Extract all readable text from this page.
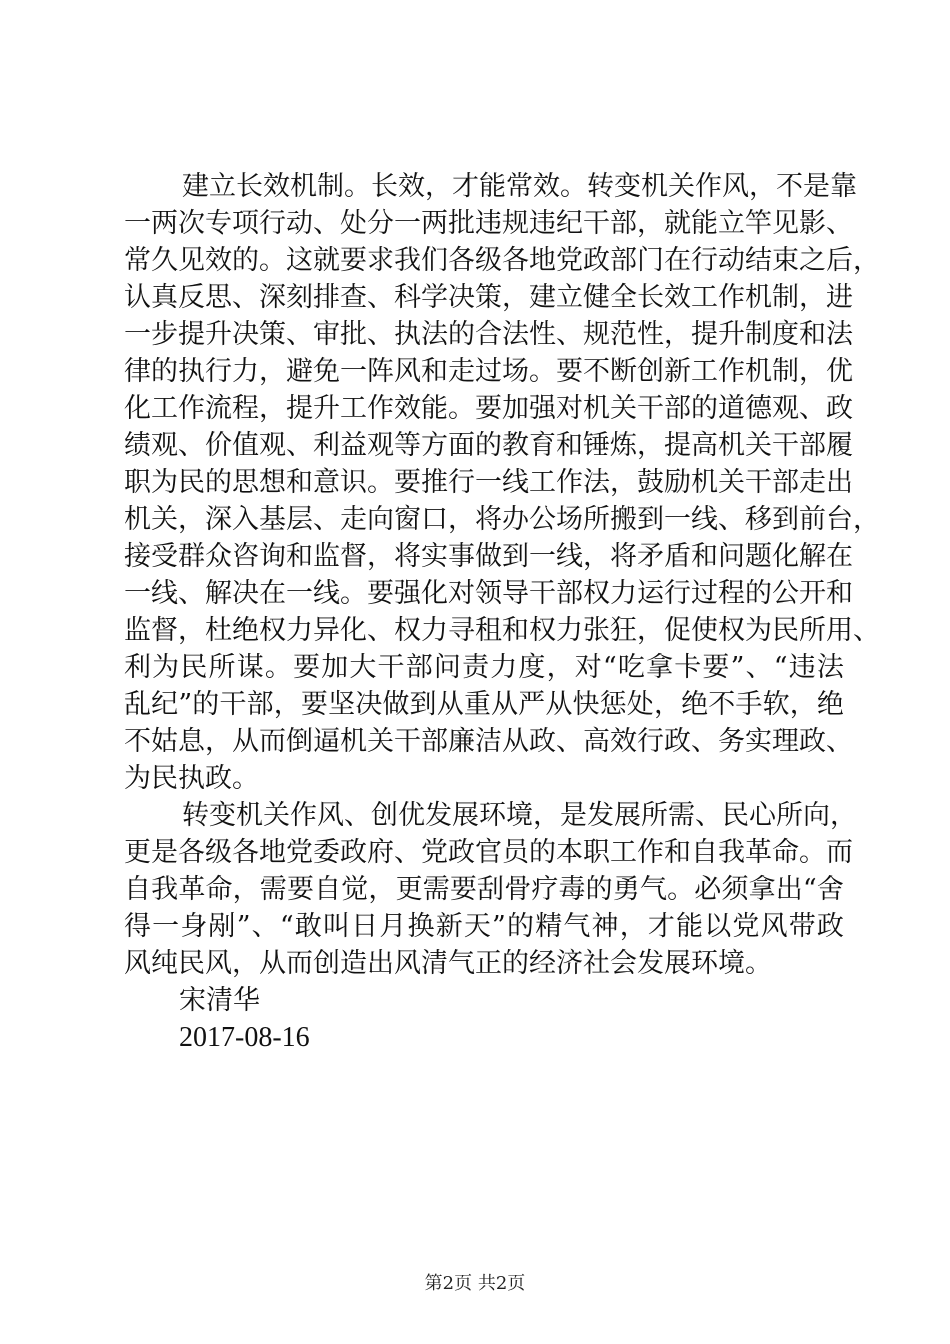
建 立 长 效 机 制 。 长 效 ， 才 能 常 效 。 转 变 机 关 作 风 ， 不 是 靠
一 两 次 专 项 行 动 、 处 分 一 两 批 违 规 违 纪 干 部 ， 就 能 立 竿 见 影 、
常 久 见 效 的 。 这 就 要 求 我 们 各 级 各 地 党 政 部 门 在 行 动 结 束 之 后 ，
认 真 反 思 、 深 刻 排 查 、 科 学 决 策 ， 建 立 健 全 长 效 工 作 机 制 ， 进
一 步 提 升 决 策 、 审 批 、 执 法 的 合 法 性 、 规 范 性 ， 提 升 制 度 和 法
律 的 执 行 力 ， 避 免 一 阵 风 和 走 过 场 。 要 不 断 创 新 工 作 机 制 ， 优
化 工 作 流 程 ， 提 升 工 作 效 能 。 要 加 强 对 机 关 干 部 的 道 德 观 、 政
绩 观 、 价 值 观 、 利 益 观 等 方 面 的 教 育 和 锤 炼 ， 提 高 机 关 干 部 履
职 为 民 的 思 想 和 意 识 。 要 推 行 一 线 工 作 法 ， 鼓 励 机 关 干 部 走 出
机 关 ， 深 入 基 层 、 走 向 窗 口 ， 将 办 公 场 所 搬 到 一 线 、 移 到 前 台 ，
接 受 群 众 咨 询 和 监 督 ， 将 实 事 做 到 一 线 ， 将 矛 盾 和 问 题 化 解 在
一 线 、 解 决 在 一 线 。 要 强 化 对 领 导 干 部 权 力 运 行 过 程 的 公 开 和
监 督 ， 杜 绝 权 力 异 化 、 权 力 寻 租 和 权 力 张 狂 ， 促 使 权 为 民 所 用 、
利 为 民 所 谋 。 要 加 大 干 部 问 责 力 度 ， 对 “ 吃 拿 卡 要 ” 、 “ 违 法
乱 纪 ” 的 干 部 ， 要 坚 决 做 到 从 重 从 严 从 快 惩 处 ， 绝 不 手 软 ， 绝
不 姑 息 ， 从 而 倒 逼 机 关 干 部 廉 洁 从 政 、 高 效 行 政 、 务 实 理 政 、
为民执政。
转 变 机 关 作 风 、 创 优 发 展 环 境 ， 是 发 展 所 需 、 民 心 所 向 ，
更 是 各 级 各 地 党 委 政 府 、 党 政 官 员 的 本 职 工 作 和 自 我 革 命 。 而
自 我 革 命 ， 需 要 自 觉 ， 更 需 要 刮 骨 疗 毒 的 勇 气 。 必 须 拿 出 “ 舍
得 一 身 剐 ” 、 “ 敢 叫 日 月 换 新 天 ” 的 精 气 神 ， 才 能 以 党 风 带 政
风纯民风，从而创造出风清气正的经济社会发展环境。
宋清华
2017-08-16
第2页 共2页
